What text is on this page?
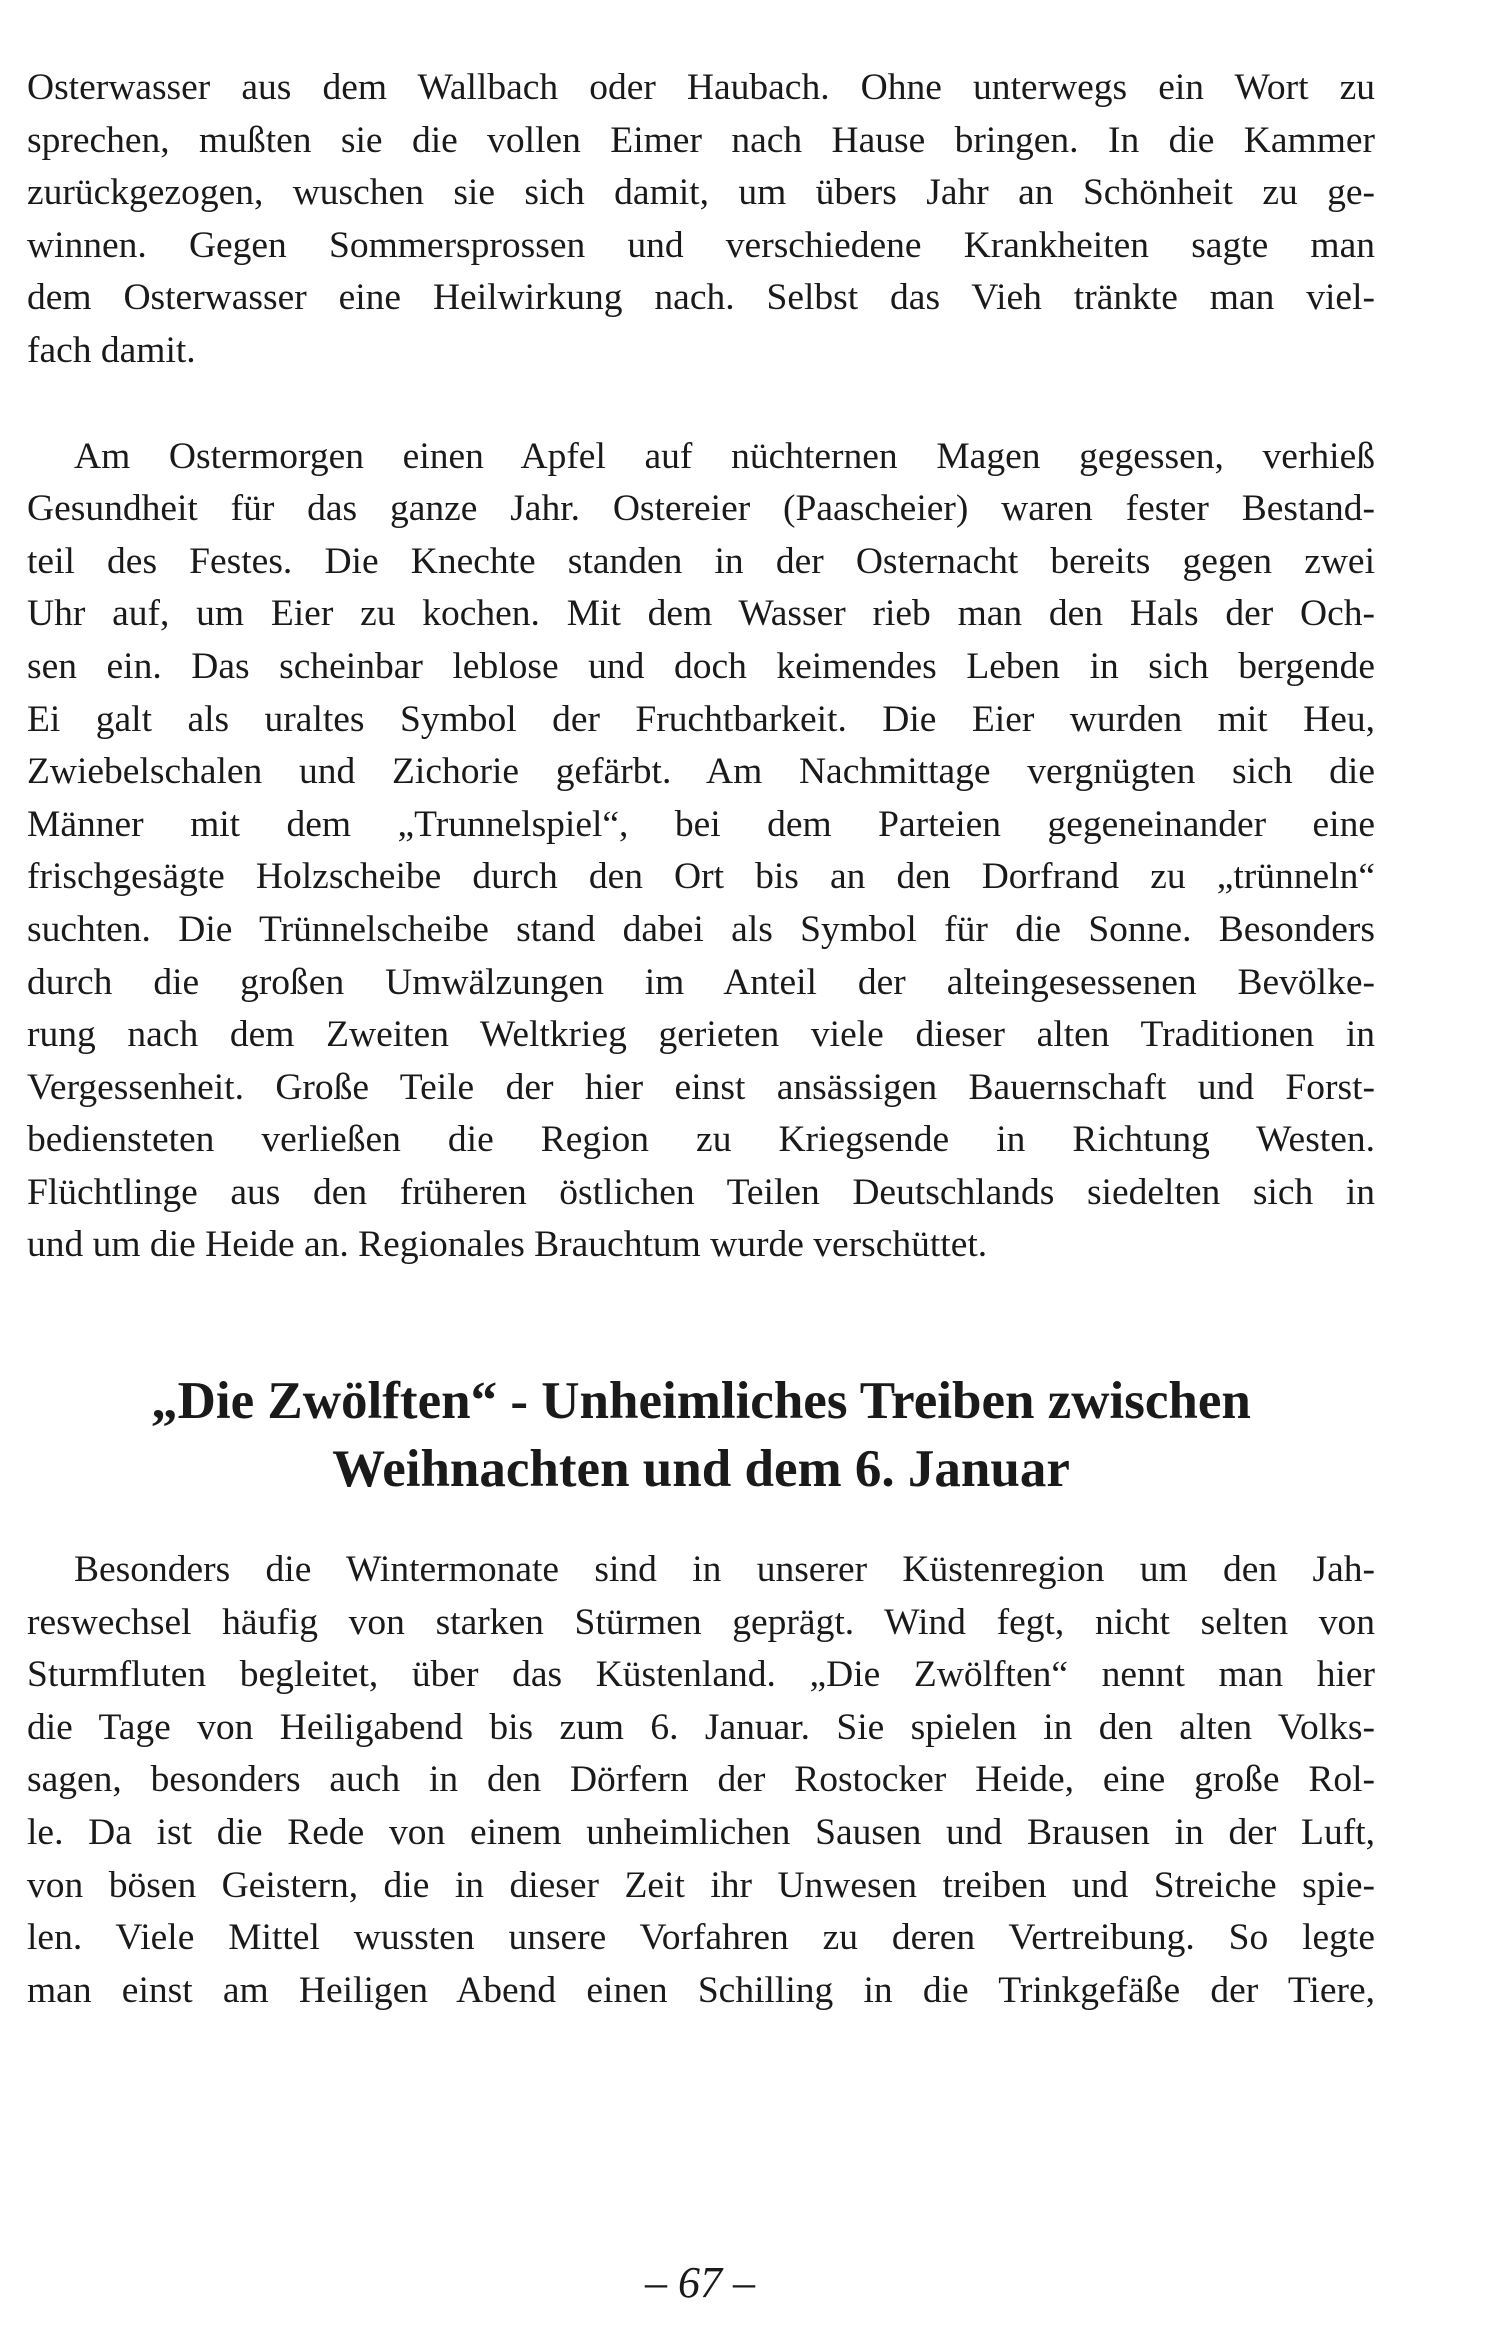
Osterwasser aus dem Wallbach oder Haubach. Ohne unterwegs ein Wort zu
sprechen, mußten sie die vollen Eimer nach Hause bringen. In die Kammer
zurückgezogen, wuschen sie sich damit, um übers Jahr an Schönheit zu ge-
winnen. Gegen Sommersprossen und verschiedene Krankheiten sagte man
dem Osterwasser eine Heilwirkung nach. Selbst das Vieh tränkte man viel-
fach damit.
Am Ostermorgen einen Apfel auf nüchternen Magen gegessen, verhieß
Gesundheit für das ganze Jahr. Ostereier (Paascheier) waren fester Bestand-
teil des Festes. Die Knechte standen in der Osternacht bereits gegen zwei
Uhr auf, um Eier zu kochen. Mit dem Wasser rieb man den Hals der Och-
sen ein. Das scheinbar leblose und doch keimendes Leben in sich bergende
Ei galt als uraltes Symbol der Fruchtbarkeit. Die Eier wurden mit Heu,
Zwiebelschalen und Zichorie gefärbt. Am Nachmittage vergnügten sich die
Männer mit dem „Trunnelspiel“, bei dem Parteien gegeneinander eine
frischgesägte Holzscheibe durch den Ort bis an den Dorfrand zu „trünneln“
suchten. Die Trünnelscheibe stand dabei als Symbol für die Sonne. Besonders
durch die großen Umwälzungen im Anteil der alteingesessenen Bevölke-
rung nach dem Zweiten Weltkrieg gerieten viele dieser alten Traditionen in
Vergessenheit. Große Teile der hier einst ansässigen Bauernschaft und Forst-
bediensteten verließen die Region zu Kriegsende in Richtung Westen.
Flüchtlinge aus den früheren östlichen Teilen Deutschlands siedelten sich in
und um die Heide an. Regionales Brauchtum wurde verschüttet.
„Die Zwölften“ - Unheimliches Treiben zwischen
Weihnachten und dem 6. Januar
Besonders die Wintermonate sind in unserer Küstenregion um den Jah-
reswechsel häufig von starken Stürmen geprägt. Wind fegt, nicht selten von
Sturmfluten begleitet, über das Küstenland. „Die Zwölften“ nennt man hier
die Tage von Heiligabend bis zum 6. Januar. Sie spielen in den alten Volks-
sagen, besonders auch in den Dörfern der Rostocker Heide, eine große Rol-
le. Da ist die Rede von einem unheimlichen Sausen und Brausen in der Luft,
von bösen Geistern, die in dieser Zeit ihr Unwesen treiben und Streiche spie-
len. Viele Mittel wussten unsere Vorfahren zu deren Vertreibung. So legte
man einst am Heiligen Abend einen Schilling in die Trinkgefäße der Tiere,
– 67 –
